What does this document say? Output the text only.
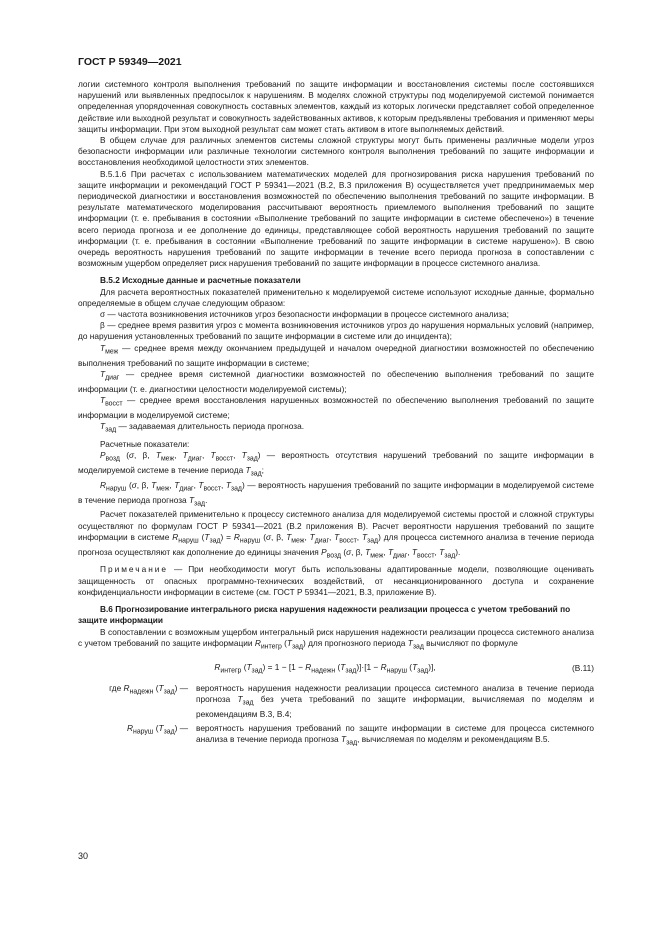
ГОСТ Р 59349—2021

логии системного контроля выполнения требований по защите информации и восстановления системы после состоявшихся нарушений или выявленных предпосылок к нарушениям. В моделях сложной структуры под моделируемой системой понимается определенная упорядоченная совокупность составных элементов, каждый из которых логически представляет собой определенное действие или выходной результат и совокупность задействованных активов, к которым предъявлены требования и применяют меры защиты информации. При этом выходной результат сам может стать активом в итоге выполняемых действий.

В общем случае для различных элементов системы сложной структуры могут быть применены различные модели угроз безопасности информации или различные технологии системного контроля выполнения требований по защите информации и восстановления необходимой целостности этих элементов.

В.5.1.6 При расчетах с использованием математических моделей для прогнозирования риска нарушения требований по защите информации и рекомендаций ГОСТ Р 59341—2021 (В.2, В.3 приложения В) осуществляется учет предпринимаемых мер периодической диагностики и восстановления возможностей по обеспечению выполнения требований по защите информации. В результате математического моделирования рассчитывают вероятность приемлемого выполнения требований по защите информации (т. е. пребывания в состоянии «Выполнение требований по защите информации в системе обеспечено») в течение всего периода прогноза и ее дополнение до единицы, представляющее собой вероятность нарушения требований по защите информации (т. е. пребывания в состоянии «Выполнение требований по защите информации в системе нарушено»). В свою очередь вероятность нарушения требований по защите информации в течение всего периода прогноза в сопоставлении с возможным ущербом определяет риск нарушения требований по защите информации в процессе системного анализа.

В.5.2 Исходные данные и расчетные показатели

Для расчета вероятностных показателей применительно к моделируемой системе используют исходные данные, формально определяемые в общем случае следующим образом:

σ — частота возникновения источников угроз безопасности информации в процессе системного анализа;

β — среднее время развития угроз с момента возникновения источников угроз до нарушения нормальных условий (например, до нарушения установленных требований по защите информации в системе или до инцидента);

$T_{меж}$ — среднее время между окончанием предыдущей и началом очередной диагностики возможностей по обеспечению выполнения требований по защите информации в системе;

$T_{диаг}$ — среднее время системной диагностики возможностей по обеспечению выполнения требований по защите информации (т. е. диагностики целостности моделируемой системы);

$T_{восст}$ — среднее время восстановления нарушенных возможностей по обеспечению выполнения требований по защите информации в моделируемой системе;

$T_{зад}$ — задаваемая длительность периода прогноза.

Расчетные показатели:

$P_{возд}$ (σ, β, $T_{меж}$, $T_{диаг}$, $T_{восст}$, $T_{зад}$) — вероятность отсутствия нарушений требований по защите информации в моделируемой системе в течение периода $T_{зад}$;

$R_{наруш}$ (σ, β, $T_{меж}$, $T_{диаг}$, $T_{восст}$, $T_{зад}$) — вероятность нарушения требований по защите информации в моделируемой системе в течение периода прогноза $T_{зад}$.

Расчет показателей применительно к процессу системного анализа для моделируемой системы простой и сложной структуры осуществляют по формулам ГОСТ Р 59341—2021 (В.2 приложения В). Расчет вероятности нарушения требований по защите информации в системе $R_{наруш}$ $(T_{зад}) = R_{наруш}$ (σ, β, $T_{меж}$, $T_{диаг}$, $T_{восст}$, $T_{зад}$) для процесса системного анализа в течение периода прогноза осуществляют как дополнение до единицы значения $P_{возд}$ (σ, β, $T_{меж}$, $T_{диаг}$, $T_{восст}$, $T_{зад}$).

Примечание — При необходимости могут быть использованы адаптированные модели, позволяющие оценивать защищенность от опасных программно-технических воздействий, от несанкционированного доступа и сохранение конфиденциальности информации в системе (см. ГОСТ Р 59341—2021, В.3, приложение В).

В.6 Прогнозирование интегрального риска нарушения надежности реализации процесса с учетом требований по защите информации

В сопоставлении с возможным ущербом интегральный риск нарушения надежности реализации процесса системного анализа с учетом требований по защите информации $R_{интегр}$ $(T_{зад})$ для прогнозного периода $T_{зад}$ вычисляют по формуле

$R_{интегр}$ $(T_{зад}) = 1 - [1 - R_{надежн}$ $(T_{зад})]\cdot[1 - R_{наруш}$ $(T_{зад})$],	(В.11)
где $R_{надежн}$ $(T_{зад})$ — вероятность нарушения надежности реализации процесса системного анализа в течение периода прогноза $T_{зад}$ без учета требований по защите информации, вычисляемая по моделям и рекомендациям В.3, В.4;
$R_{наруш}$ $(T_{зад})$ — вероятность нарушения требований по защите информации в системе для процесса системного анализа в течение периода прогноза $T_{зад}$, вычисляемая по моделям и рекомендациям В.5.
30
